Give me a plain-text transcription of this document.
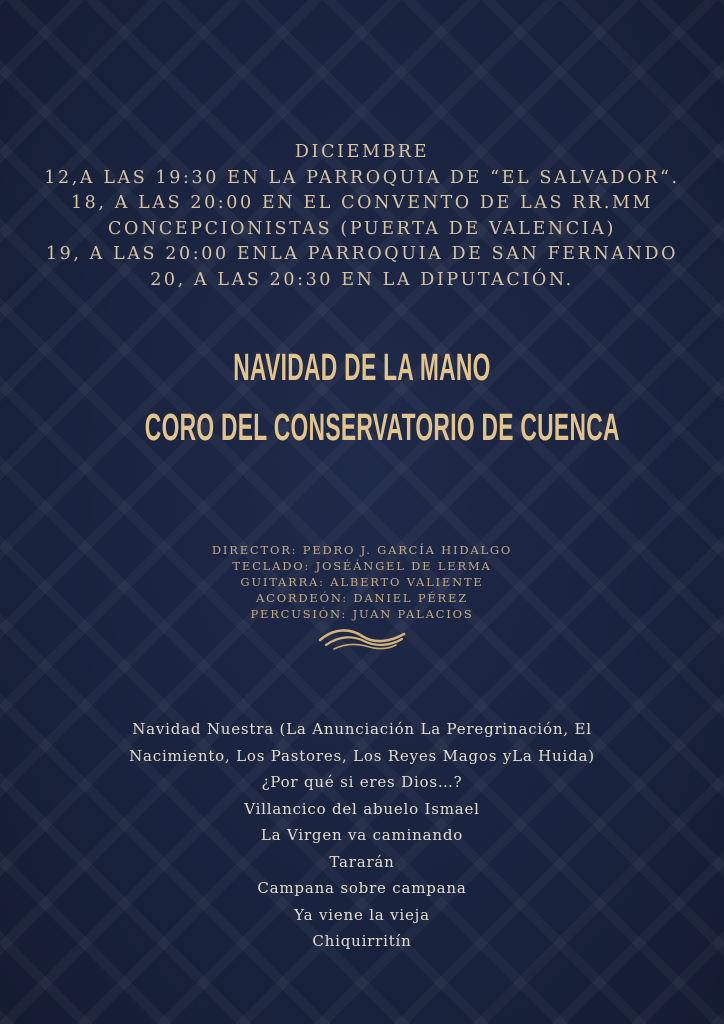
DICIEMBRE
12,A LAS 19:30 EN LA PARROQUIA DE “EL SALVADOR“.
18, A LAS 20:00 EN EL CONVENTO DE LAS RR.MM
CONCEPCIONISTAS (PUERTA DE VALENCIA)
19, A LAS 20:00 ENLA PARROQUIA DE SAN FERNANDO
20, A LAS 20:30 EN LA DIPUTACIÓN.
NAVIDAD DE LA MANO
CORO DEL CONSERVATORIO DE CUENCA
DIRECTOR: PEDRO J. GARCÍA HIDALGO
TECLADO: JOSÉÁNGEL DE LERMA
GUITARRA: ALBERTO VALIENTE
ACORDEÓN: DANIEL PÉREZ
PERCUSIÓN: JUAN PALACIOS
Navidad Nuestra (La Anunciación La Peregrinación, El
Nacimiento, Los Pastores, Los Reyes Magos yLa Huida)
¿Por qué si eres Dios…?
Villancico del abuelo Ismael
La Virgen va caminando
Tararán
Campana sobre campana
Ya viene la vieja
Chiquirritín
